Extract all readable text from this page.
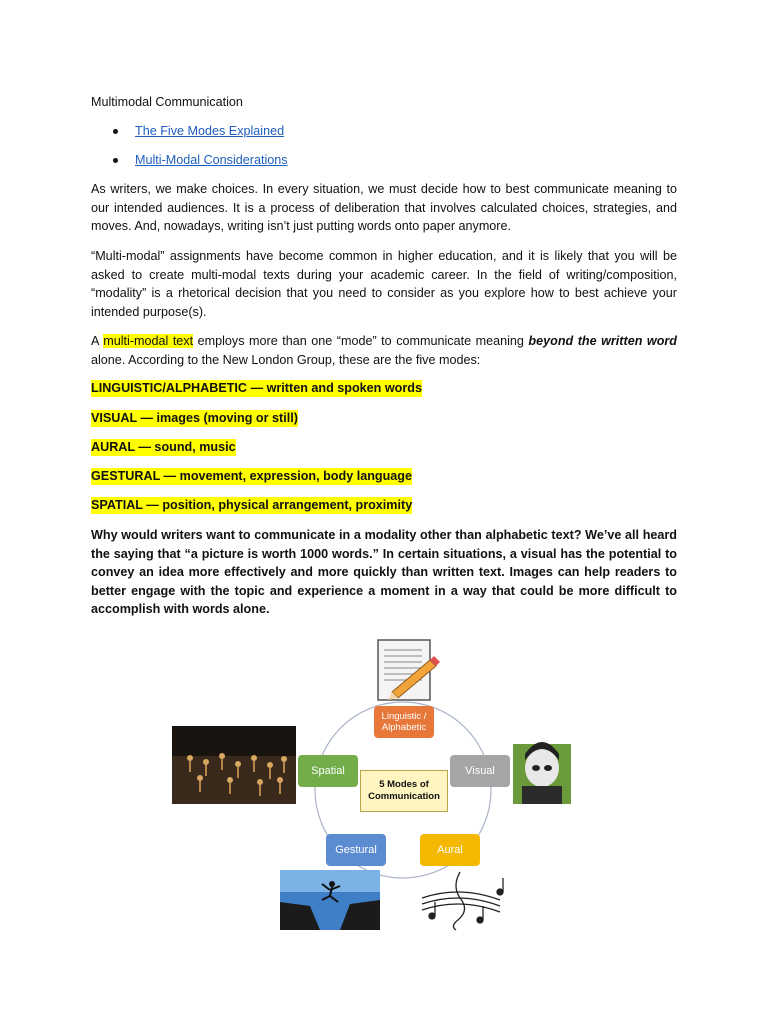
Multimodal Communication

The Five Modes Explained
Multi-Modal Considerations

As writers, we make choices. In every situation, we must decide how to best communicate meaning to our intended audiences. It is a process of deliberation that involves calculated choices, strategies, and moves. And, nowadays, writing isn’t just putting words onto paper anymore.

“Multi-modal” assignments have become common in higher education, and it is likely that you will be asked to create multi-modal texts during your academic career. In the field of writing/composition, “modality” is a rhetorical decision that you need to consider as you explore how to best achieve your intended purpose(s).

A multi-modal text employs more than one “mode” to communicate meaning beyond the written word alone. According to the New London Group, these are the five modes:

LINGUISTIC/ALPHABETIC — written and spoken words
VISUAL — images (moving or still)
AURAL — sound, music
GESTURAL — movement, expression, body language
SPATIAL — position, physical arrangement, proximity

Why would writers want to communicate in a modality other than alphabetic text? We’ve all heard the saying that “a picture is worth 1000 words.” In certain situations, a visual has the potential to convey an idea more effectively and more quickly than written text. Images can help readers to better engage with the topic and experience a moment in a way that could be more difficult to accomplish with words alone.

Linguistic / Alphabetic
Visual
Aural
Gestural
Spatial
5 Modes of Communication
